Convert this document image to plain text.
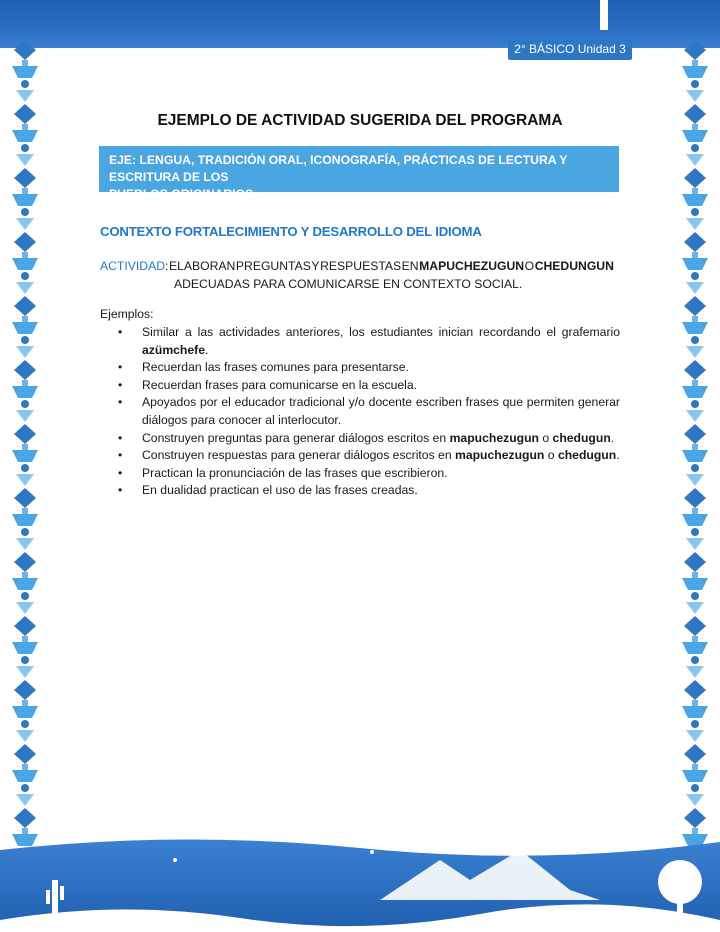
2° BÁSICO Unidad 3
EJEMPLO DE ACTIVIDAD SUGERIDA DEL PROGRAMA
EJE: LENGUA, TRADICIÓN ORAL, ICONOGRAFÍA, PRÁCTICAS DE LECTURA Y ESCRITURA DE LOS
PUEBLOS ORIGINARIOS
CONTEXTO FORTALECIMIENTO Y DESARROLLO DEL IDIOMA
ACTIVIDAD: ELABORAN PREGUNTAS Y RESPUESTAS EN MAPUCHEZUGUN O CHEDUNGUN
ADECUADAS PARA COMUNICARSE EN CONTEXTO SOCIAL.
Ejemplos:
• Similar a las actividades anteriores, los estudiantes inician recordando el grafemario azümchefe.
• Recuerdan las frases comunes para presentarse.
• Recuerdan frases para comunicarse en la escuela.
• Apoyados por el educador tradicional y/o docente escriben frases que permiten generar diálogos para conocer al interlocutor.
• Construyen preguntas para generar diálogos escritos en mapuchezugun o chedugun.
• Construyen respuestas para generar diálogos escritos en mapuchezugun o chedugun.
• Practican la pronunciación de las frases que escribieron.
• En dualidad practican el uso de las frases creadas.
